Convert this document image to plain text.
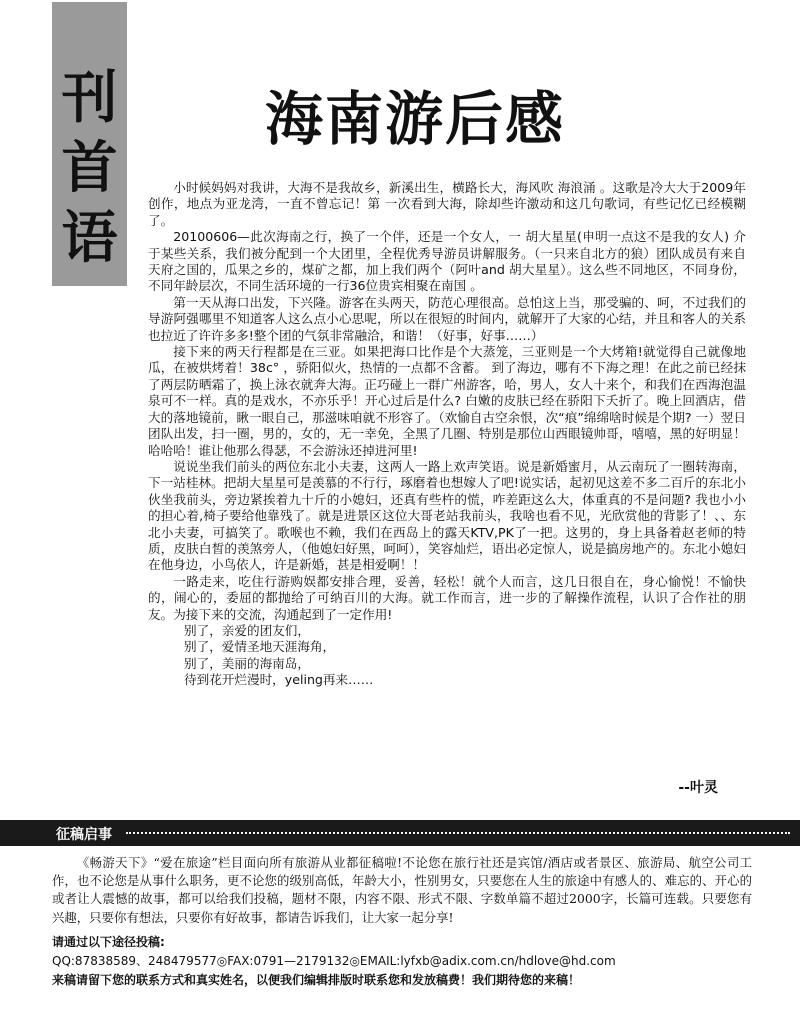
刊
首
语
海南游后感

小时候妈妈对我讲，大海不是我故乡，新溪出生，横路长大，海风吹 海浪涌 。这歌是冷大大于2009年创作，地点为亚龙湾，一直不曾忘记！第 一次看到大海，除却些许激动和这几句歌词，有些记忆已经模糊了。

20100606—此次海南之行，换了一个伴，还是一个女人，一 胡大星星(申明一点这不是我的女人) 介于某些关系，我们被分配到一个大团里，全程优秀导游员讲解服务。（一只来自北方的狼）团队成员有来自天府之国的，瓜果之乡的，煤矿之都，加上我们两个（阿叶and 胡大星星）。这么些不同地区，不同身份，不同年龄层次，不同生活环境的一行36位贵宾相聚在南国 。

第一天从海口出发，下兴隆。游客在头两天，防范心理很高。总怕这上当，那受骗的、呵，不过我们的导游阿强哪里不知道客人这么点小心思呢，所以在很短的时间内，就解开了大家的心结，并且和客人的关系也拉近了许许多多!整个团的气氛非常融洽，和谐！（好事，好事……）

接下来的两天行程都是在三亚。如果把海口比作是个大蒸笼，三亚则是一个大烤箱!就觉得自己就像地瓜，在被烘烤着！38c° ，骄阳似火，热情的一点都不含蓄。 到了海边，哪有不下海之理！在此之前已经抹了两层防晒霜了，换上泳衣就奔大海。正巧碰上一群广州游客，哈，男人，女人十来个，和我们在西海泡温泉可不一样。真的是戏水，不亦乐乎！开心过后是什么? 白嫩的皮肤已经在骄阳下夭折了。晚上回酒店，借大的落地镜前，瞅一眼自己，那滋味咱就不形容了。（欢愉自古空余恨，次“痕”绵绵啥时候是个期? 一）翌日团队出发，扫一圈，男的，女的，无一幸免，全黑了几圈、特别是那位山西眼镜帅哥，嘻嘻，黑的好明显！哈哈哈！谁让他那么得瑟，不会游泳还掉进河里!

说说坐我们前头的两位东北小夫妻，这两人一路上欢声笑语。说是新婚蜜月，从云南玩了一圈转海南，下一站桂林。把胡大星星可是羡慕的不行行，琢磨着也想嫁人了吧!说实话，起初见这差不多二百斤的东北小伙坐我前头，旁边紧挨着九十斤的小媳妇，还真有些杵的慌，咋差距这么大，体重真的不是问题? 我也小小的担心着,椅子要给他靠残了。就是进景区这位大哥老站我前头，我啥也看不见，光欣赏他的背影了！、、东北小夫妻，可搞笑了。歌喉也不赖，我们在西岛上的露天KTV,PK了一把。这男的，身上具备着赵老师的特质，皮肤白皙的羡煞旁人，（他媳妇好黑，呵呵），笑容灿烂，语出必定惊人，说是搞房地产的。东北小媳妇在他身边，小鸟依人，许是新婚，甚是相爱啊！！

一路走来，吃住行游购娱都安排合理，妥善，轻松！就个人而言，这几日很自在，身心愉悦！不愉快的，闹心的，委屈的都抛给了可纳百川的大海。就工作而言，进一步的了解操作流程，认识了合作社的朋友。为接下来的交流，沟通起到了一定作用!

别了，亲爱的团友们，
别了，爱情圣地天涯海角，
别了，美丽的海南岛，
待到花开烂漫时，yeling再来……
--叶灵
征稿启事
《畅游天下》“爱在旅途”栏目面向所有旅游从业都征稿啦!不论您在旅行社还是宾馆/酒店或者景区、旅游局、航空公司工作，也不论您是从事什么职务，更不论您的级别高低，年龄大小，性别男女，只要您在人生的旅途中有感人的、难忘的、开心的或者让人震憾的故事，都可以给我们投稿，题材不限，内容不限、形式不限、字数单篇不超过2000字，长篇可连载。只要您有兴趣，只要你有想法，只要你有好故事，都请告诉我们，让大家一起分享!
请通过以下途径投稿:
QQ:87838589、248479577◎FAX:0791—2179132◎EMAIL:lyfxb@adix.com.cn/hdlove@hd.com
来稿请留下您的联系方式和真实姓名，以便我们编辑排版时联系您和发放稿费！我们期待您的来稿！
